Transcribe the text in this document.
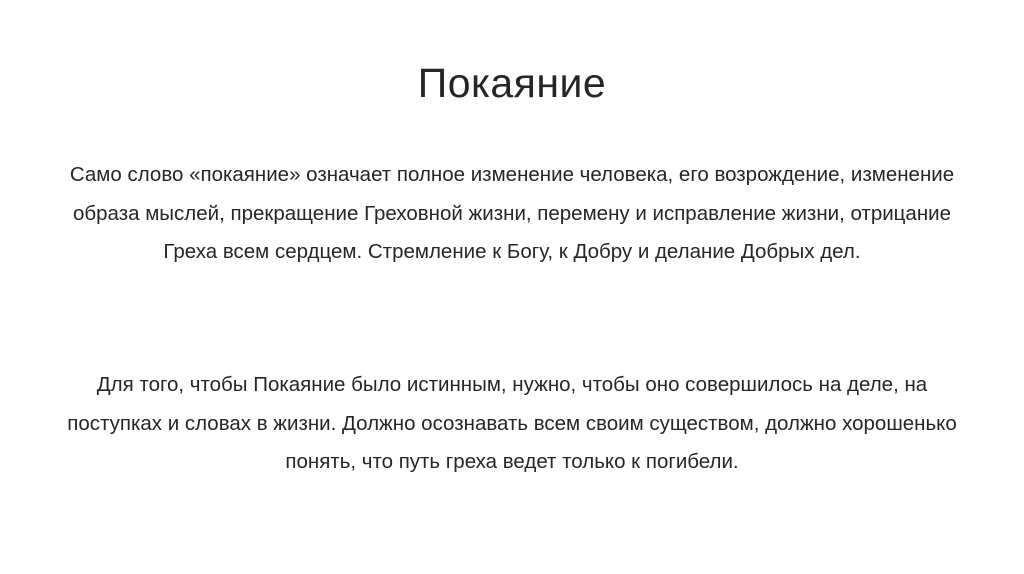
Покаяние

Само слово «покаяние» означает полное изменение человека, его возрождение, изменение образа мыслей, прекращение Греховной жизни, перемену и исправление жизни, отрицание Греха всем сердцем. Стремление к Богу, к Добру и делание Добрых дел.

Для того, чтобы Покаяние было истинным, нужно, чтобы оно совершилось на деле, на поступках и словах в жизни. Должно осознавать всем своим существом, должно хорошенько понять, что путь греха ведет только к погибели.
